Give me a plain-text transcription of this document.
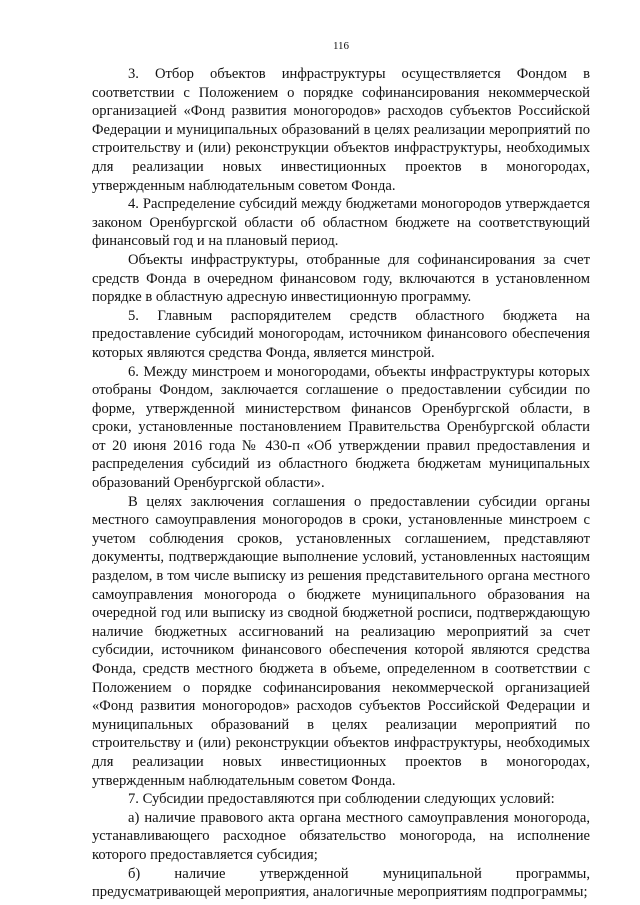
116

3. Отбор объектов инфраструктуры осуществляется Фондом в соответствии с Положением о порядке софинансирования некоммерческой организацией «Фонд развития моногородов» расходов субъектов Российской Федерации и муниципальных образований в целях реализации мероприятий по строительству и (или) реконструкции объектов инфраструктуры, необходимых для реализации новых инвестиционных проектов в моногородах, утвержденным наблюдательным советом Фонда.

4. Распределение субсидий между бюджетами моногородов утверждается законом Оренбургской области об областном бюджете на соответствующий финансовый год и на плановый период.

Объекты инфраструктуры, отобранные для софинансирования за счет средств Фонда в очередном финансовом году, включаются в установленном порядке в областную адресную инвестиционную программу.

5. Главным распорядителем средств областного бюджета на предоставление субсидий моногородам, источником финансового обеспечения которых являются средства Фонда, является минстрой.

6. Между минстроем и моногородами, объекты инфраструктуры которых отобраны Фондом, заключается соглашение о предоставлении субсидии по форме, утвержденной министерством финансов Оренбургской области, в сроки, установленные постановлением Правительства Оренбургской области от 20 июня 2016 года № 430-п «Об утверждении правил предоставления и распределения субсидий из областного бюджета бюджетам муниципальных образований Оренбургской области».

В целях заключения соглашения о предоставлении субсидии органы местного самоуправления моногородов в сроки, установленные минстроем с учетом соблюдения сроков, установленных соглашением, представляют документы, подтверждающие выполнение условий, установленных настоящим разделом, в том числе выписку из решения представительного органа местного самоуправления моногорода о бюджете муниципального образования на очередной год или выписку из сводной бюджетной росписи, подтверждающую наличие бюджетных ассигнований на реализацию мероприятий за счет субсидии, источником финансового обеспечения которой являются средства Фонда, средств местного бюджета в объеме, определенном в соответствии с Положением о порядке софинансирования некоммерческой организацией «Фонд развития моногородов» расходов субъектов Российской Федерации и муниципальных образований в целях реализации мероприятий по строительству и (или) реконструкции объектов инфраструктуры, необходимых для реализации новых инвестиционных проектов в моногородах, утвержденным наблюдательным советом Фонда.

7. Субсидии предоставляются при соблюдении следующих условий:

а) наличие правового акта органа местного самоуправления моногорода, устанавливающего расходное обязательство моногорода, на исполнение которого предоставляется субсидия;

б) наличие утвержденной муниципальной программы, предусматривающей мероприятия, аналогичные мероприятиям подпрограммы;
